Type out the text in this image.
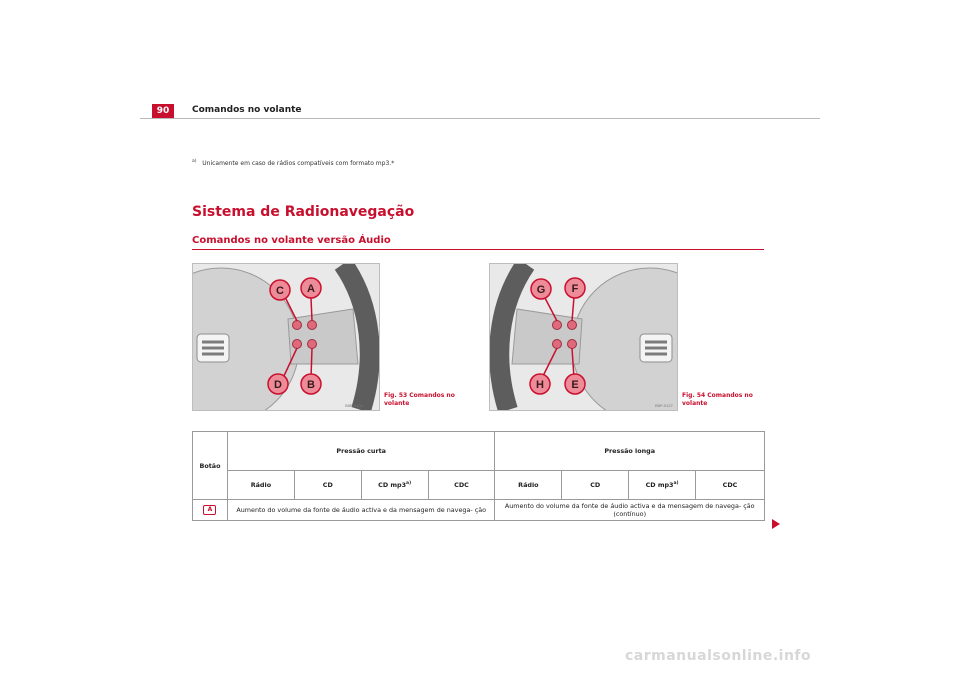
90	Comandos no volante
$^{a)}$ Unicamente em caso de rádios compatíveis com formato mp3.*
Sistema de Radionavegação
Comandos no volante versão Áudio
C A
D B
B5P-0126
Fig. 53 Comandos no volante
G F
H E
B5P-0127
Fig. 54 Comandos no volante
Botão	Pressão curta				Pressão longa			
	Rádio	CD	CD mp3$^{a)}$	CDC	Rádio	CD	CD mp3$^{a)}$	CDC
A	Aumento do volume da fonte de áudio activa e da mensagem de navega- ção				Aumento do volume da fonte de áudio activa e da mensagem de navega- ção (contínuo)			
carmanualsonline.info
